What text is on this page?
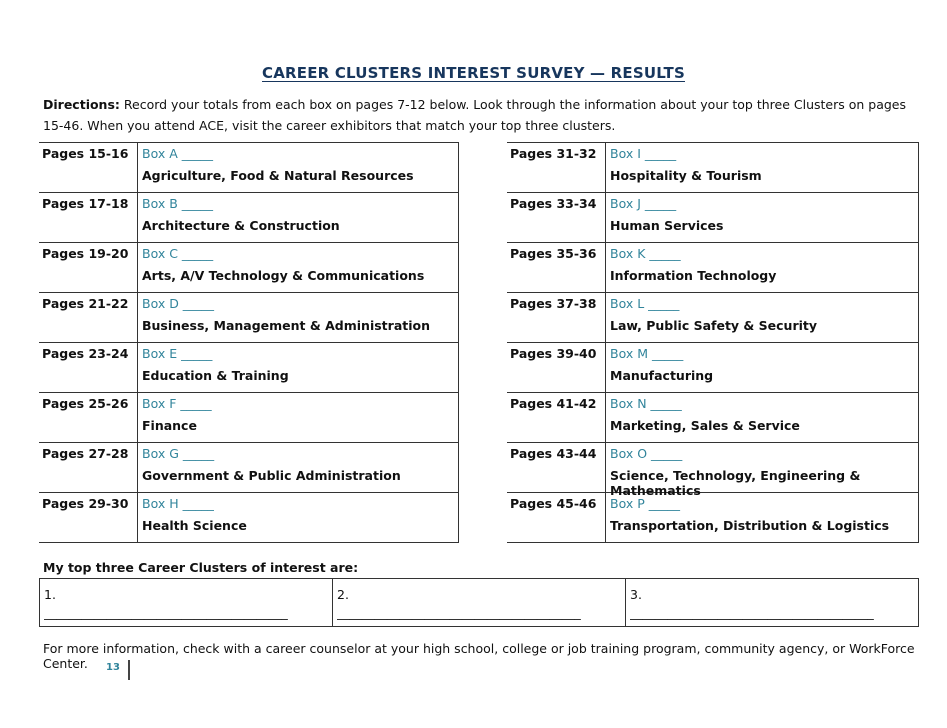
CAREER CLUSTERS INTEREST SURVEY — RESULTS
Directions: Record your totals from each box on pages 7-12 below. Look through the information about your top three Clusters on pages 15-46. When you attend ACE, visit the career exhibitors that match your top three clusters.
Pages 15-16	Box A _____
Agriculture, Food & Natural Resources

Pages 17-18	Box B _____
Architecture & Construction

Pages 19-20	Box C _____
Arts, A/V Technology & Communications

Pages 21-22	Box D _____
Business, Management & Administration

Pages 23-24	Box E _____
Education & Training

Pages 25-26	Box F _____
Finance

Pages 27-28	Box G _____
Government & Public Administration

Pages 29-30	Box H _____
Health Science
Pages 31-32	Box I _____
Hospitality & Tourism

Pages 33-34	Box J _____
Human Services

Pages 35-36	Box K _____
Information Technology

Pages 37-38	Box L _____
Law, Public Safety & Security

Pages 39-40	Box M _____
Manufacturing

Pages 41-42	Box N _____
Marketing, Sales & Service

Pages 43-44	Box O _____
Science, Technology, Engineering & Mathematics

Pages 45-46	Box P _____
Transportation, Distribution & Logistics
My top three Career Clusters of interest are:
1.
_______________________________________

2.
_______________________________________

3.
_______________________________________
For more information, check with a career counselor at your high school, college or job training program, community agency, or WorkForce Center.	13
